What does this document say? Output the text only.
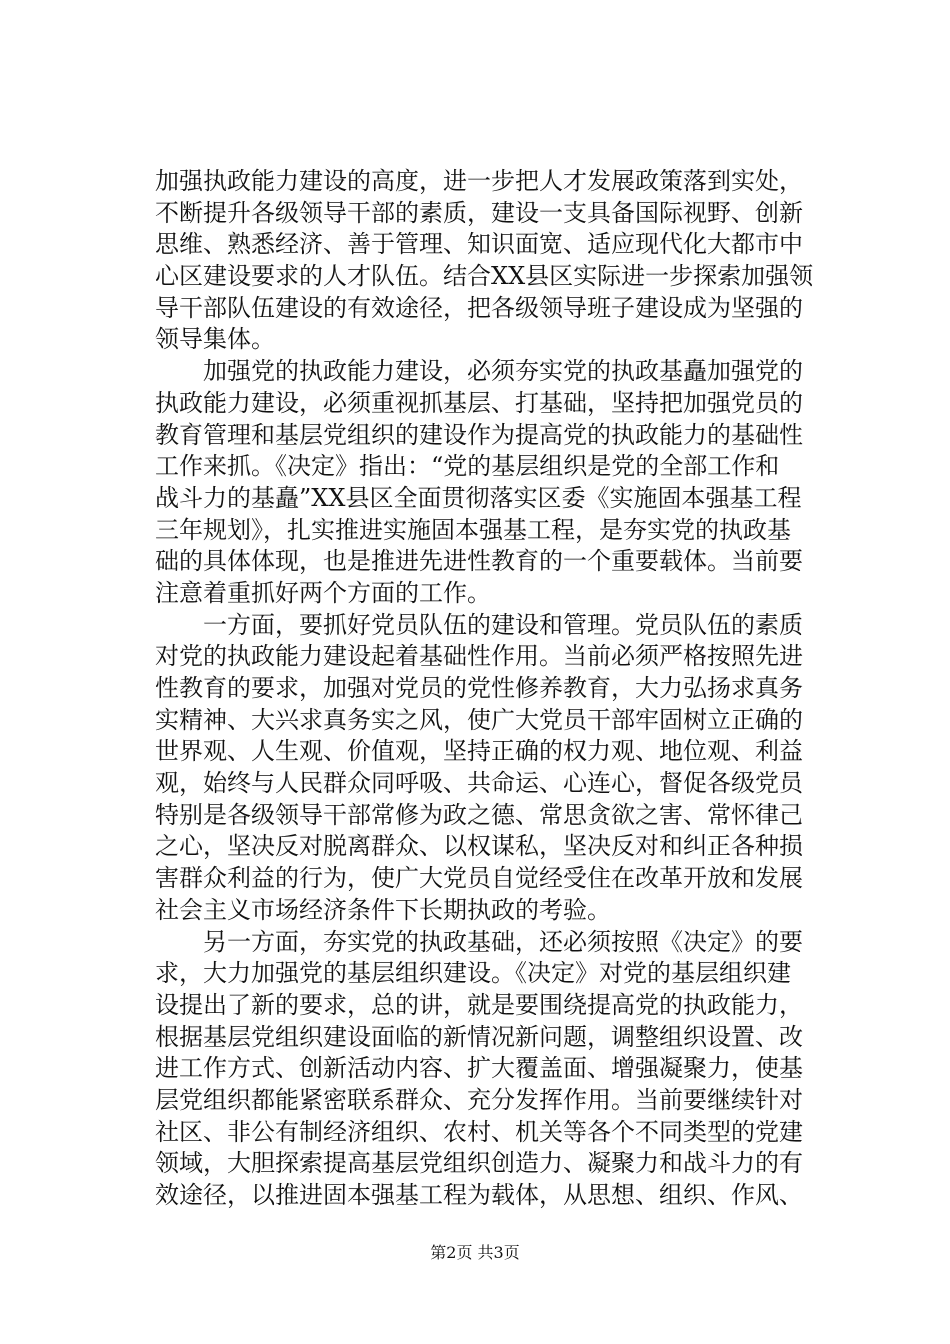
加强执政能力建设的高度，进一步把人才发展政策落到实处，
不断提升各级领导干部的素质，建设一支具备国际视野、创新
思维、熟悉经济、善于管理、知识面宽、适应现代化大都市中
心区建设要求的人才队伍。结合XX县区实际进一步探索加强领
导干部队伍建设的有效途径，把各级领导班子建设成为坚强的
领导集体。
　　加强党的执政能力建设，必须夯实党的执政基矗加强党的
执政能力建设，必须重视抓基层、打基础，坚持把加强党员的
教育管理和基层党组织的建设作为提高党的执政能力的基础性
工作来抓。《决定》指出：“党的基层组织是党的全部工作和
战斗力的基矗”XX县区全面贯彻落实区委《实施固本强基工程
三年规划》，扎实推进实施固本强基工程，是夯实党的执政基
础的具体体现，也是推进先进性教育的一个重要载体。当前要
注意着重抓好两个方面的工作。
　　一方面，要抓好党员队伍的建设和管理。党员队伍的素质
对党的执政能力建设起着基础性作用。当前必须严格按照先进
性教育的要求，加强对党员的党性修养教育，大力弘扬求真务
实精神、大兴求真务实之风，使广大党员干部牢固树立正确的
世界观、人生观、价值观，坚持正确的权力观、地位观、利益
观，始终与人民群众同呼吸、共命运、心连心，督促各级党员
特别是各级领导干部常修为政之德、常思贪欲之害、常怀律己
之心，坚决反对脱离群众、以权谋私，坚决反对和纠正各种损
害群众利益的行为，使广大党员自觉经受住在改革开放和发展
社会主义市场经济条件下长期执政的考验。
　　另一方面，夯实党的执政基础，还必须按照《决定》的要
求，大力加强党的基层组织建设。《决定》对党的基层组织建
设提出了新的要求，总的讲，就是要围绕提高党的执政能力，
根据基层党组织建设面临的新情况新问题，调整组织设置、改
进工作方式、创新活动内容、扩大覆盖面、增强凝聚力，使基
层党组织都能紧密联系群众、充分发挥作用。当前要继续针对
社区、非公有制经济组织、农村、机关等各个不同类型的党建
领域，大胆探索提高基层党组织创造力、凝聚力和战斗力的有
效途径，以推进固本强基工程为载体，从思想、组织、作风、
第2页 共3页
